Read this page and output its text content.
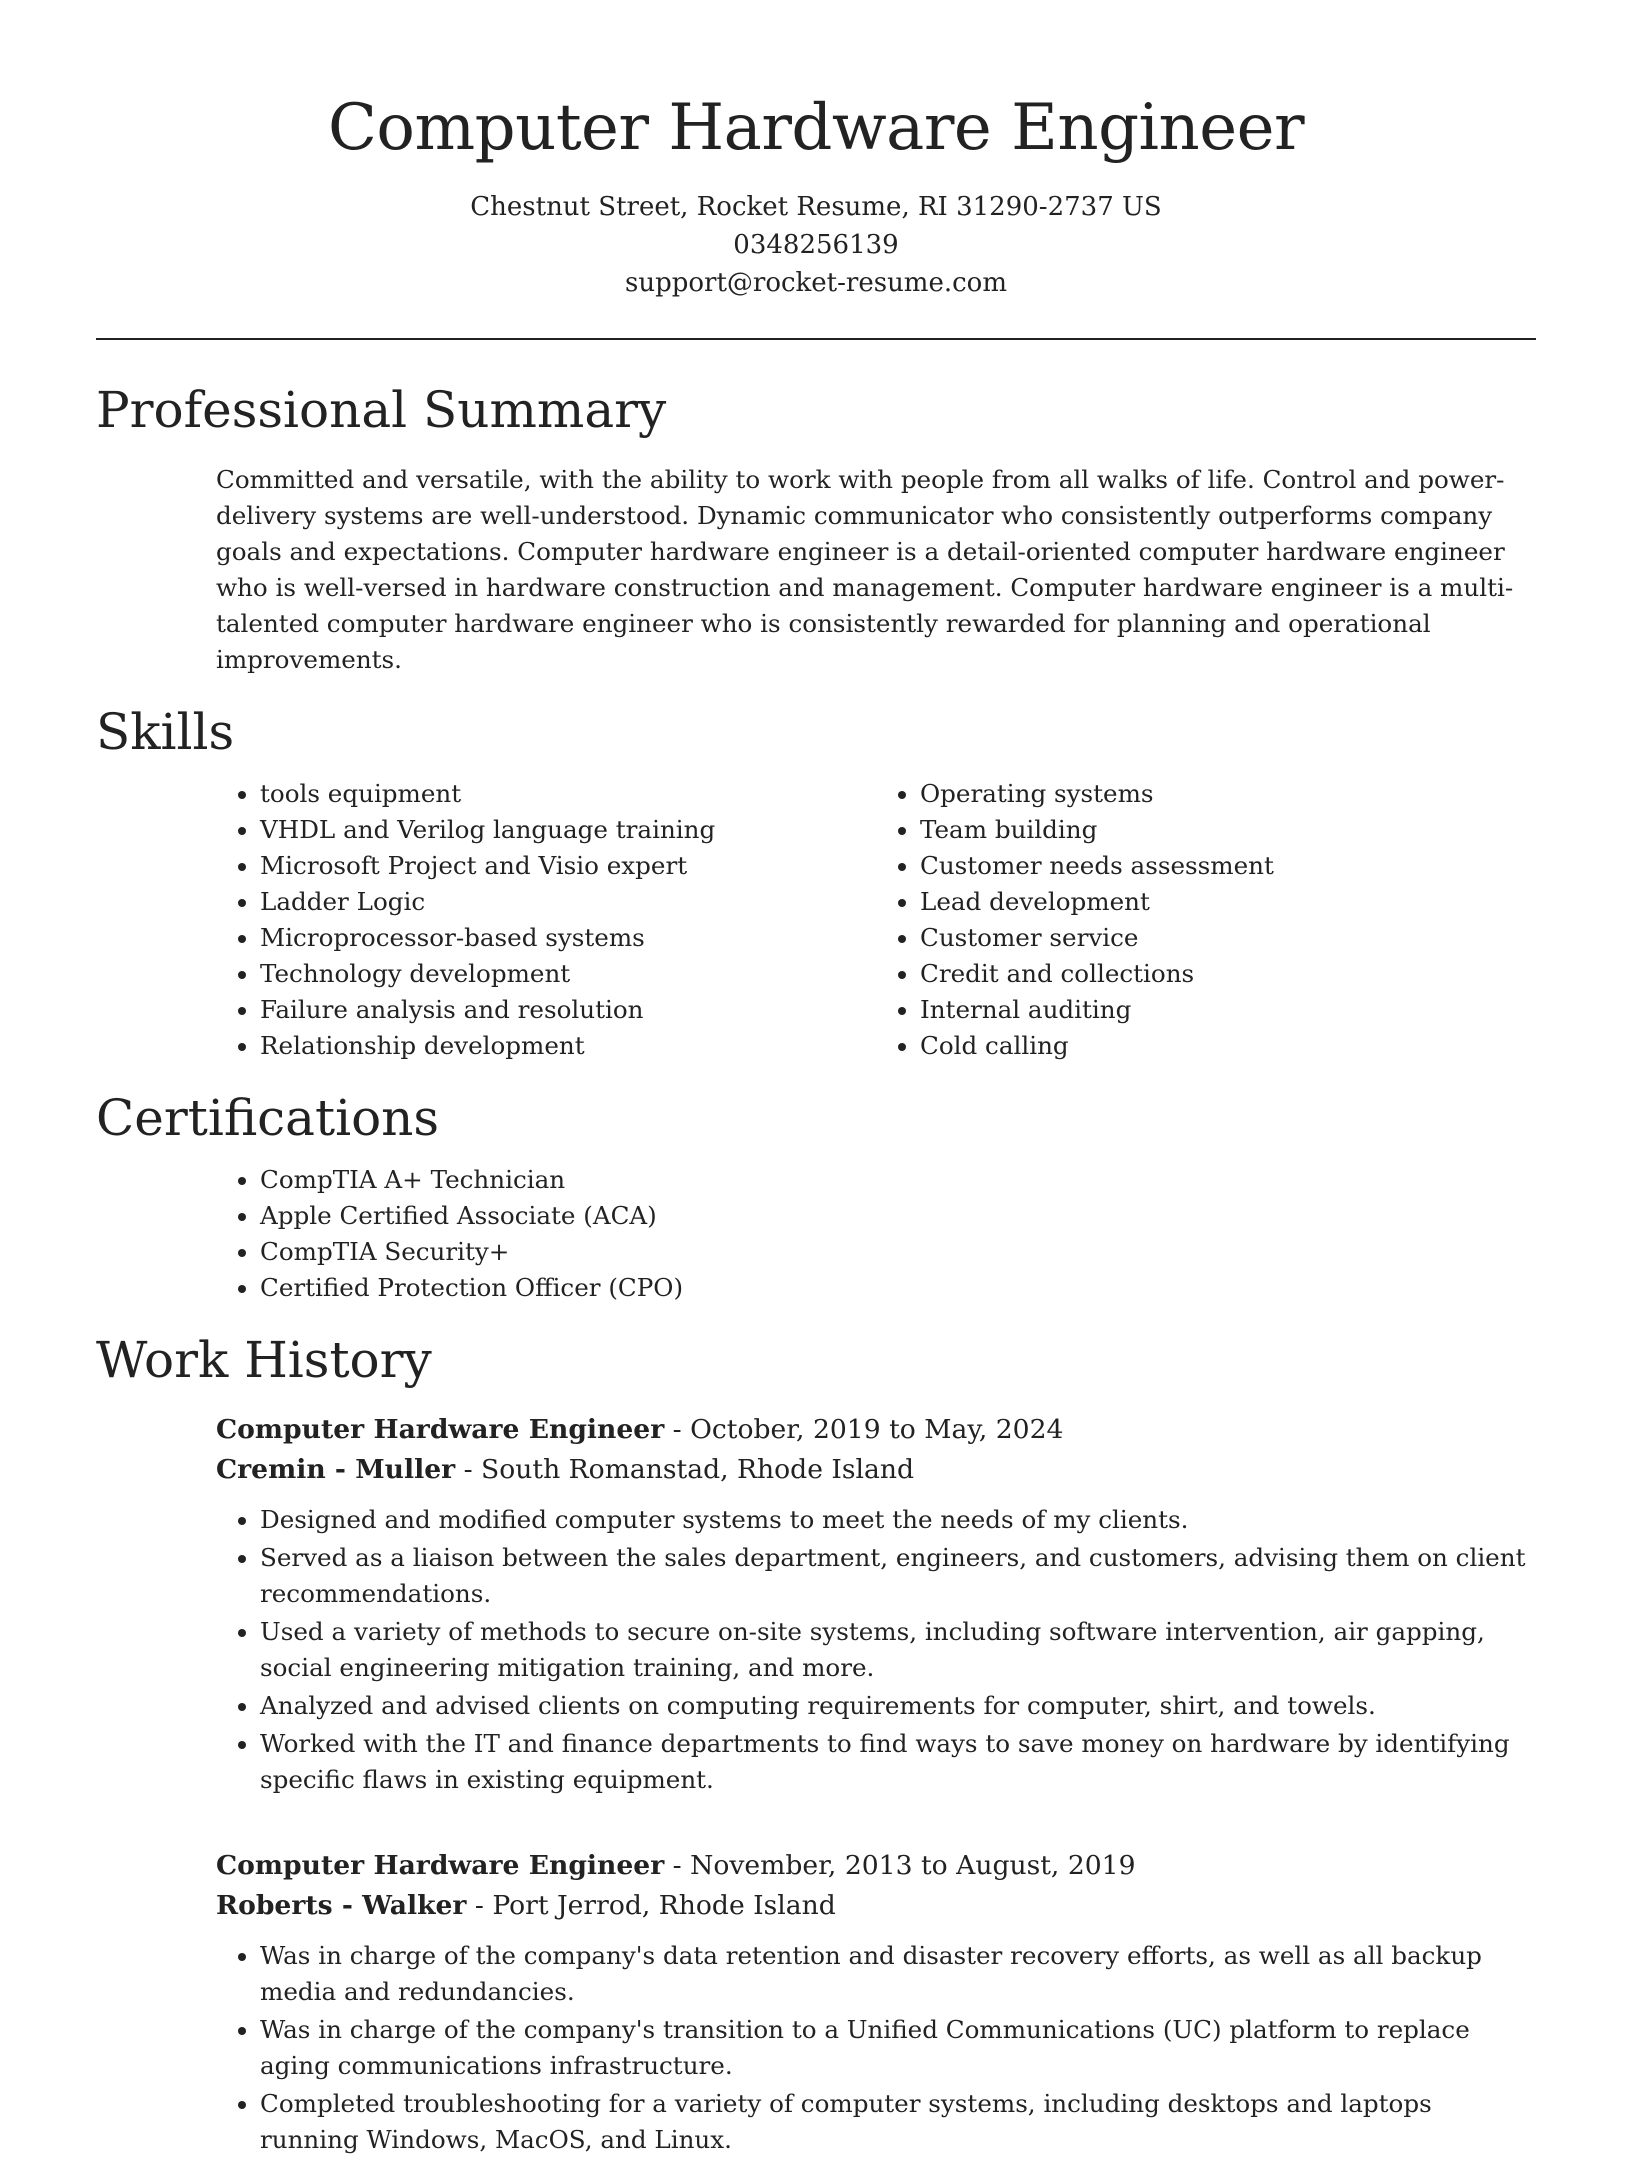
Computer Hardware Engineer
Chestnut Street, Rocket Resume, RI 31290-2737 US
0348256139
support@rocket-resume.com
Professional Summary

Committed and versatile, with the ability to work with people from all walks of life. Control and power-delivery systems are well-understood. Dynamic communicator who consistently outperforms company goals and expectations. Computer hardware engineer is a detail-oriented computer hardware engineer who is well-versed in hardware construction and management. Computer hardware engineer is a multi-talented computer hardware engineer who is consistently rewarded for planning and operational improvements.

Skills
• tools equipment
• VHDL and Verilog language training
• Microsoft Project and Visio expert
• Ladder Logic
• Microprocessor-based systems
• Technology development
• Failure analysis and resolution
• Relationship development
• Operating systems
• Team building
• Customer needs assessment
• Lead development
• Customer service
• Credit and collections
• Internal auditing
• Cold calling
Certifications
• CompTIA A+ Technician
• Apple Certified Associate (ACA)
• CompTIA Security+
• Certified Protection Officer (CPO)
Work History
Computer Hardware Engineer - October, 2019 to May, 2024
Cremin - Muller - South Romanstad, Rhode Island
• Designed and modified computer systems to meet the needs of my clients.
• Served as a liaison between the sales department, engineers, and customers, advising them on client recommendations.
• Used a variety of methods to secure on-site systems, including software intervention, air gapping, social engineering mitigation training, and more.
• Analyzed and advised clients on computing requirements for computer, shirt, and towels.
• Worked with the IT and finance departments to find ways to save money on hardware by identifying specific flaws in existing equipment.
Computer Hardware Engineer - November, 2013 to August, 2019
Roberts - Walker - Port Jerrod, Rhode Island
• Was in charge of the company's data retention and disaster recovery efforts, as well as all backup media and redundancies.
• Was in charge of the company's transition to a Unified Communications (UC) platform to replace aging communications infrastructure.
• Completed troubleshooting for a variety of computer systems, including desktops and laptops running Windows, MacOS, and Linux.
